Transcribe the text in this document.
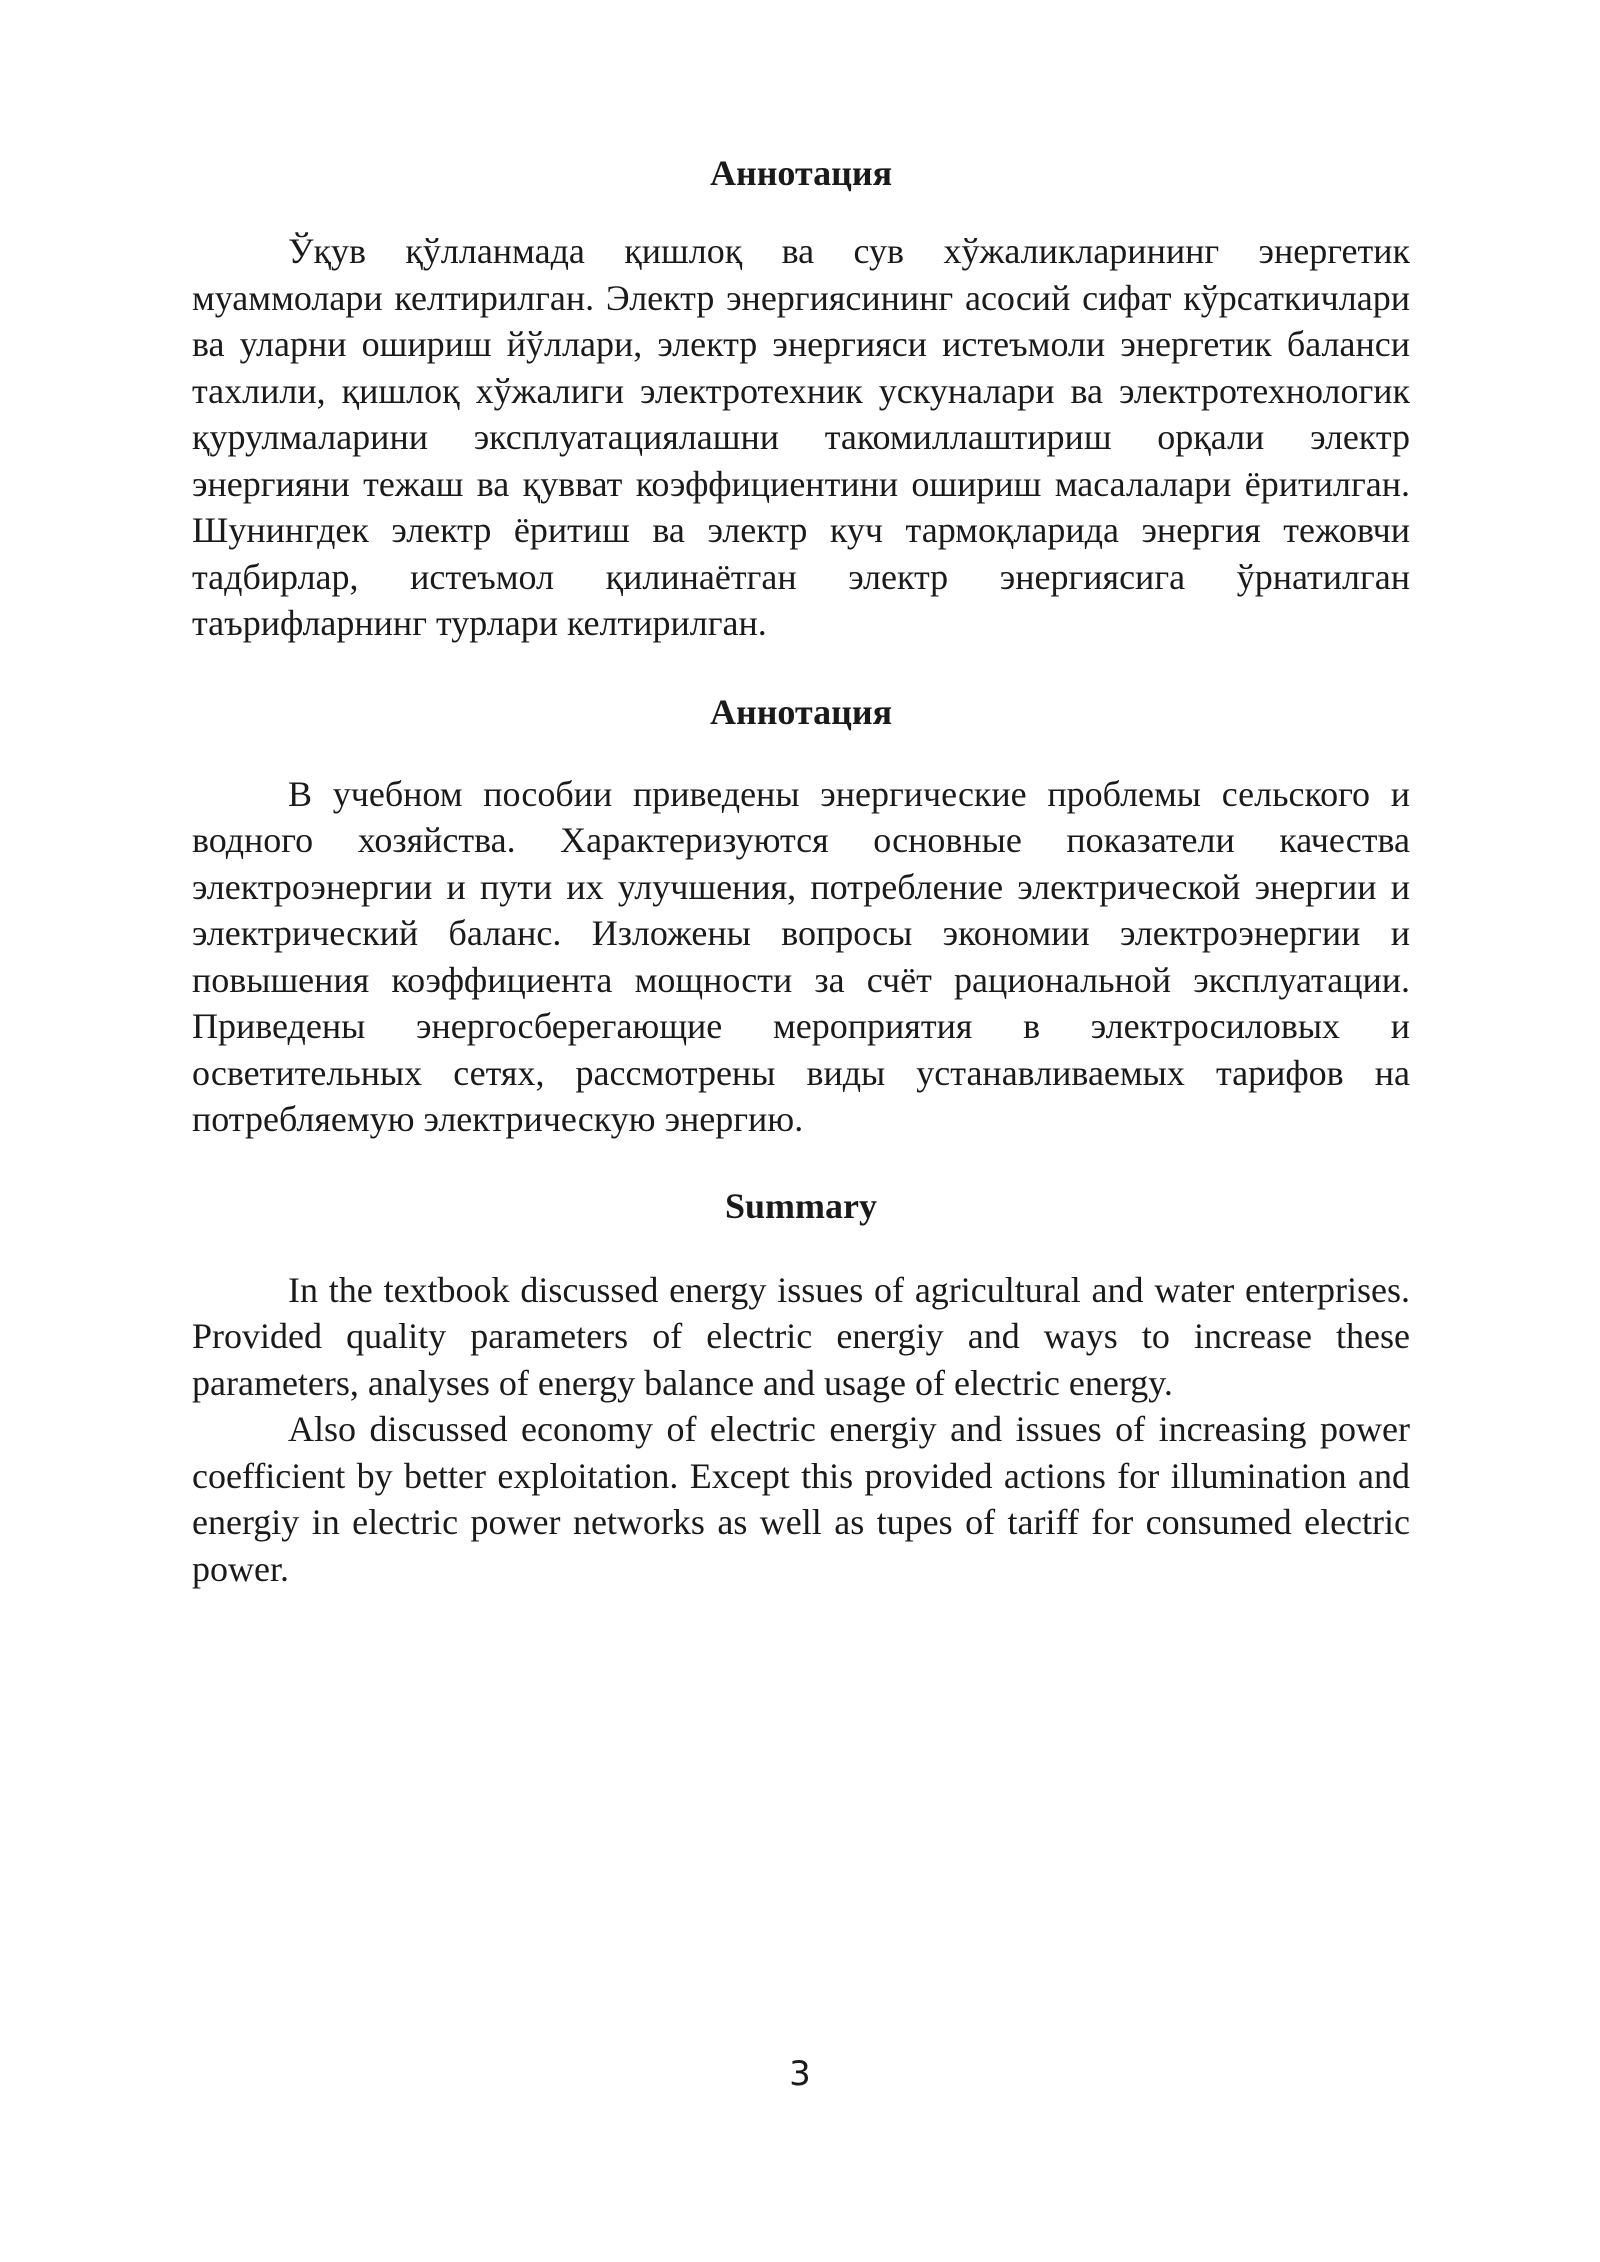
Аннотация

Ўқув қўлланмада қишлоқ ва сув хўжаликларининг энергетик муаммолари келтирилган. Электр энергиясининг асосий сифат кўрсаткичлари ва уларни ошириш йўллари, электр энергияси истеъмоли энергетик баланси тахлили, қишлоқ хўжалиги электротехник ускуналари ва электротехнологик қурулмаларини эксплуатациялашни такомиллаштириш орқали электр энергияни тежаш ва қувват коэффициентини ошириш масалалари ёритилган. Шунингдек электр ёритиш ва электр куч тармоқларида энергия тежовчи тадбирлар, истеъмол қилинаётган электр энергиясига ўрнатилган таърифларнинг турлари келтирилган.

Аннотация

В учебном пособии приведены энергические проблемы сельского и водного хозяйства. Характеризуются основные показатели качества электроэнергии и пути их улучшения, потребление электрической энергии и электрический баланс. Изложены вопросы экономии электроэнергии и повышения коэффициента мощности за счёт рациональной эксплуатации. Приведены энергосберегающие мероприятия в электросиловых и осветительных сетях, рассмотрены виды устанавливаемых тарифов на потребляемую электрическую энергию.

Summary

In the textbook discussed energy issues of agricultural and water enterprises. Provided quality parameters of electric energiy and ways to increase these parameters, analyses of energy balance and usage of electric energy.

Also discussed economy of electric energiy and issues of increasing power coefficient by better exploitation. Except this provided actions for illumination and energiy in electric power networks as well as tupes of tariff for consumed electric power.

3
